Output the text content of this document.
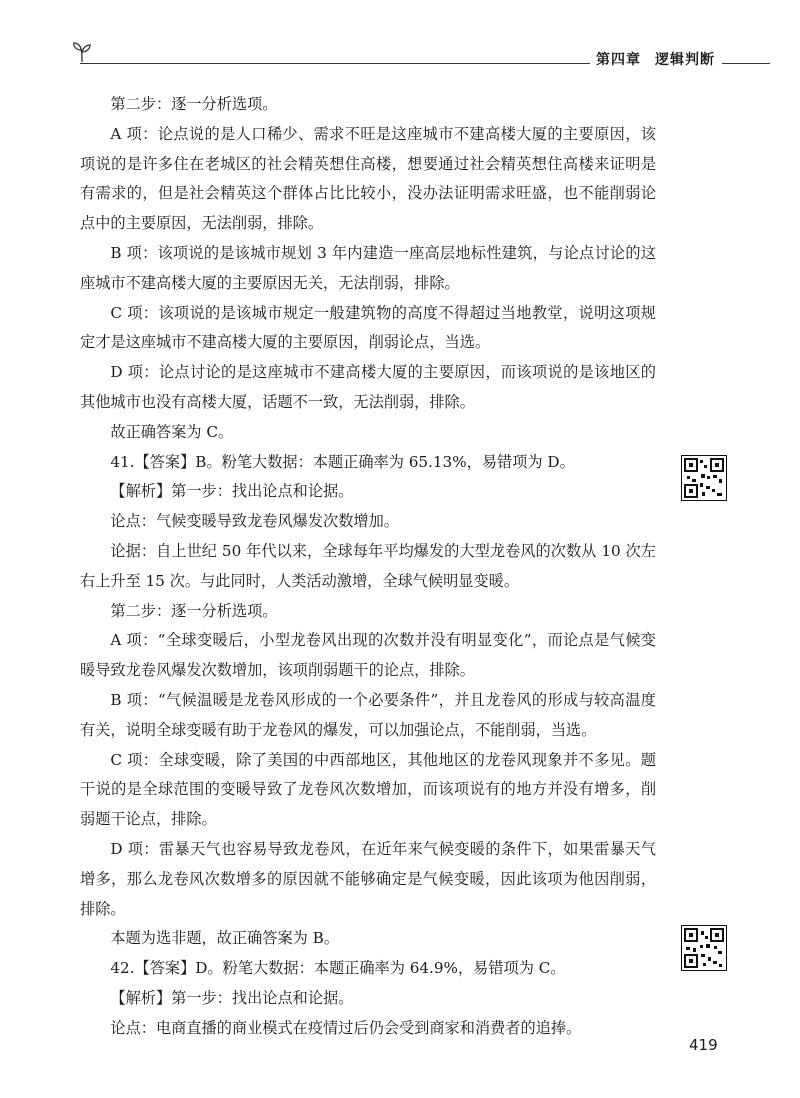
第四章 逻辑判断

第二步：逐一分析选项。

A 项：论点说的是人口稀少、需求不旺是这座城市不建高楼大厦的主要原因，该项说的是许多住在老城区的社会精英想住高楼，想要通过社会精英想住高楼来证明是有需求的，但是社会精英这个群体占比比较小，没办法证明需求旺盛，也不能削弱论点中的主要原因，无法削弱，排除。

B 项：该项说的是该城市规划 3 年内建造一座高层地标性建筑，与论点讨论的这座城市不建高楼大厦的主要原因无关，无法削弱，排除。

C 项：该项说的是该城市规定一般建筑物的高度不得超过当地教堂，说明这项规定才是这座城市不建高楼大厦的主要原因，削弱论点，当选。

D 项：论点讨论的是这座城市不建高楼大厦的主要原因，而该项说的是该地区的其他城市也没有高楼大厦，话题不一致，无法削弱，排除。

故正确答案为 C。

41.【答案】B。粉笔大数据：本题正确率为 65.13%，易错项为 D。

【解析】第一步：找出论点和论据。

论点：气候变暖导致龙卷风爆发次数增加。

论据：自上世纪 50 年代以来，全球每年平均爆发的大型龙卷风的次数从 10 次左右上升至 15 次。与此同时，人类活动激增，全球气候明显变暖。

第二步：逐一分析选项。

A 项：“全球变暖后，小型龙卷风出现的次数并没有明显变化”，而论点是气候变暖导致龙卷风爆发次数增加，该项削弱题干的论点，排除。

B 项：“气候温暖是龙卷风形成的一个必要条件”，并且龙卷风的形成与较高温度有关，说明全球变暖有助于龙卷风的爆发，可以加强论点，不能削弱，当选。

C 项：全球变暖，除了美国的中西部地区，其他地区的龙卷风现象并不多见。题干说的是全球范围的变暖导致了龙卷风次数增加，而该项说有的地方并没有增多，削弱题干论点，排除。

D 项：雷暴天气也容易导致龙卷风，在近年来气候变暖的条件下，如果雷暴天气增多，那么龙卷风次数增多的原因就不能够确定是气候变暖，因此该项为他因削弱，排除。

本题为选非题，故正确答案为 B。

42.【答案】D。粉笔大数据：本题正确率为 64.9%，易错项为 C。

【解析】第一步：找出论点和论据。

论点：电商直播的商业模式在疫情过后仍会受到商家和消费者的追捧。

419
